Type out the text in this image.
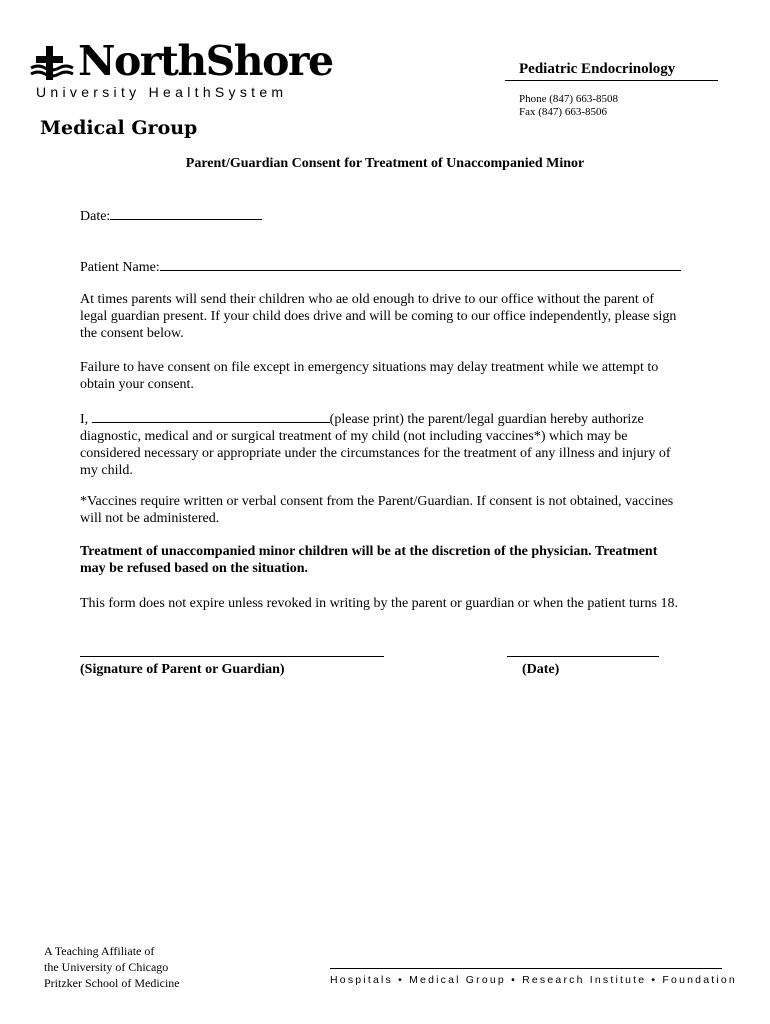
NorthShore
University HealthSystem
Medical Group
Pediatric Endocrinology
Phone (847) 663-8508
Fax (847) 663-8506
Parent/Guardian Consent for Treatment of Unaccompanied Minor
Date:
Patient Name:
At times parents will send their children who ae old enough to drive to our office without the parent of
legal guardian present. If your child does drive and will be coming to our office independently, please sign
the consent below.
Failure to have consent on file except in emergency situations may delay treatment while we attempt to
obtain your consent.
I,	(please print) the parent/legal guardian hereby authorize
diagnostic, medical and or surgical treatment of my child (not including vaccines*) which may be
considered necessary or appropriate under the circumstances for the treatment of any illness and injury of
my child.
*Vaccines require written or verbal consent from the Parent/Guardian. If consent is not obtained, vaccines
will not be administered.
Treatment of unaccompanied minor children will be at the discretion of the physician. Treatment
may be refused based on the situation.
This form does not expire unless revoked in writing by the parent or guardian or when the patient turns 18.
(Signature of Parent or Guardian)	(Date)
A Teaching Affiliate of
the University of Chicago
Pritzker School of Medicine	Hospitals • Medical Group • Research Institute • Foundation
